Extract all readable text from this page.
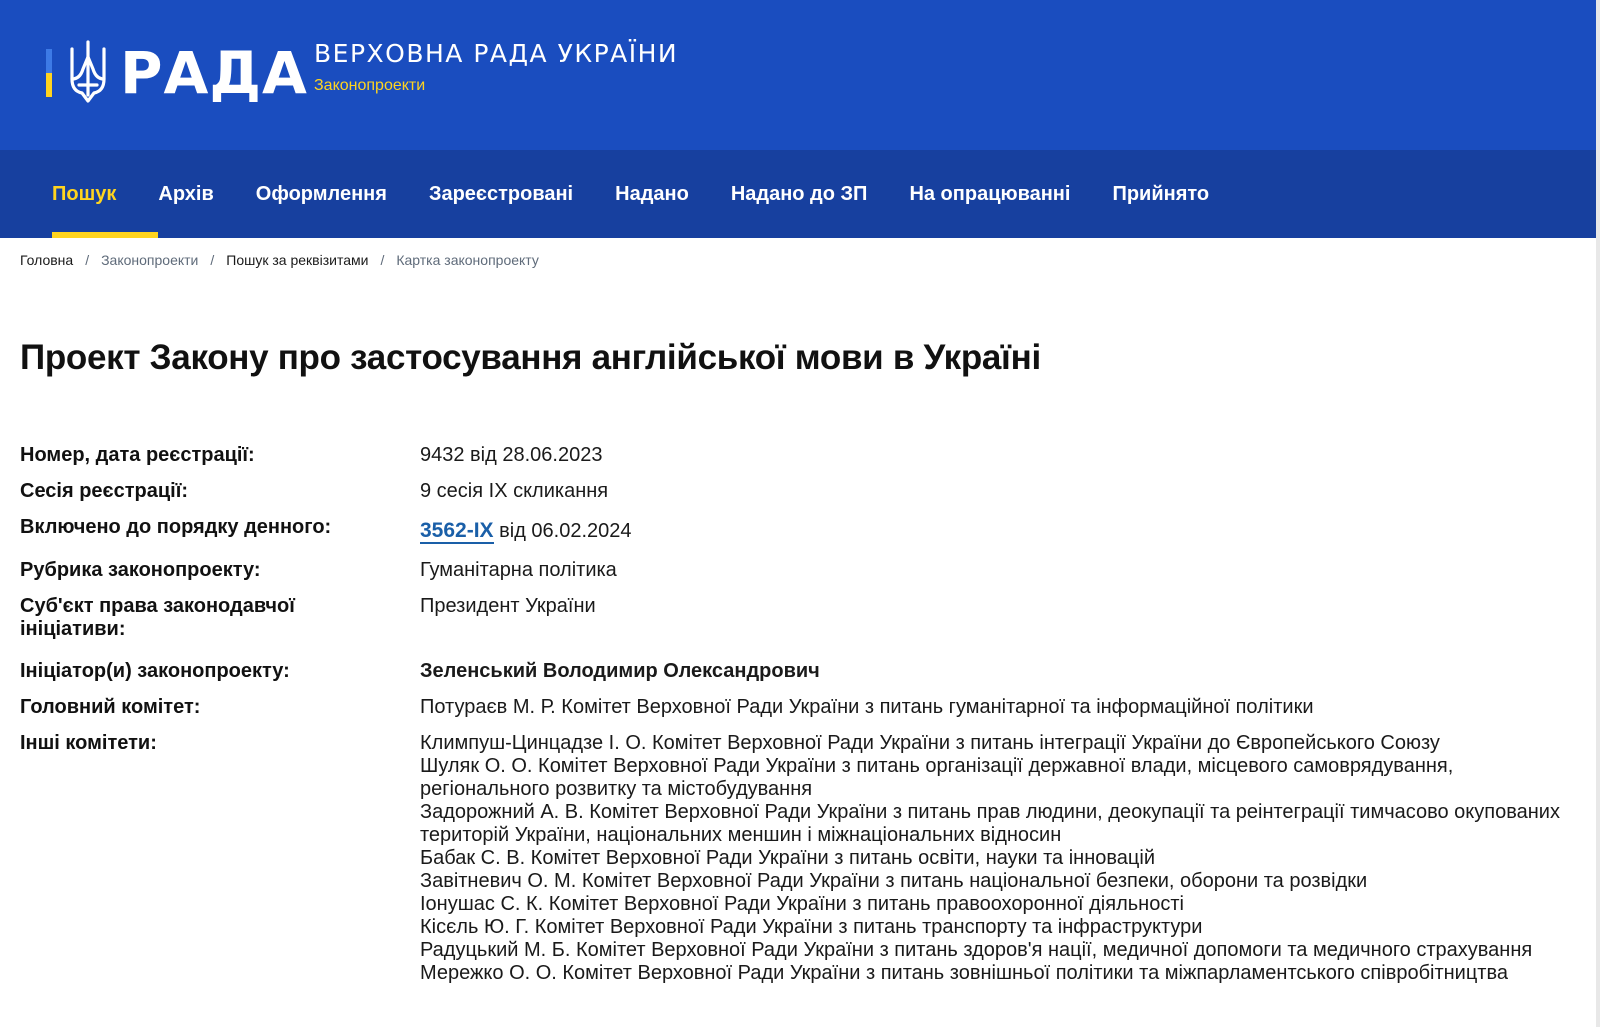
РАДА ВЕРХОВНА РАДА УКРАЇНИ
Законопроекти
Пошук	Архів	Оформлення	Зареєстровані	Надано	Надано до ЗП	На опрацюванні	Прийнято
Головна / Законопроекти / Пошук за реквізитами / Картка законопроекту
Проект Закону про застосування англійської мови в Україні
Номер, дата реєстрації:	9432 від 28.06.2023
Сесія реєстрації:	9 сесія IX скликання
Включено до порядку денного:	3562-IX від 06.02.2024
Рубрика законопроекту:	Гуманітарна політика
Суб'єкт права законодавчої ініціативи:
Президент України
Ініціатор(и) законопроекту:	Зеленський Володимир Олександрович
Головний комітет:	Потураєв М. Р. Комітет Верховної Ради України з питань гуманітарної та інформаційної політики
Інші комітети:	Климпуш-Цинцадзе І. О. Комітет Верховної Ради України з питань інтеграції України до Європейського Союзу
Шуляк О. О. Комітет Верховної Ради України з питань організації державної влади, місцевого самоврядування, регіонального розвитку та містобудування
Задорожний А. В. Комітет Верховної Ради України з питань прав людини, деокупації та реінтеграції тимчасово окупованих територій України, національних меншин і міжнаціональних відносин
Бабак С. В. Комітет Верховної Ради України з питань освіти, науки та інновацій
Завітневич О. М. Комітет Верховної Ради України з питань національної безпеки, оборони та розвідки
Іонушас С. К. Комітет Верховної Ради України з питань правоохоронної діяльності
Кісєль Ю. Г. Комітет Верховної Ради України з питань транспорту та інфраструктури
Радуцький М. Б. Комітет Верховної Ради України з питань здоров'я нації, медичної допомоги та медичного страхування
Мережко О. О. Комітет Верховної Ради України з питань зовнішньої політики та міжпарламентського співробітництва
